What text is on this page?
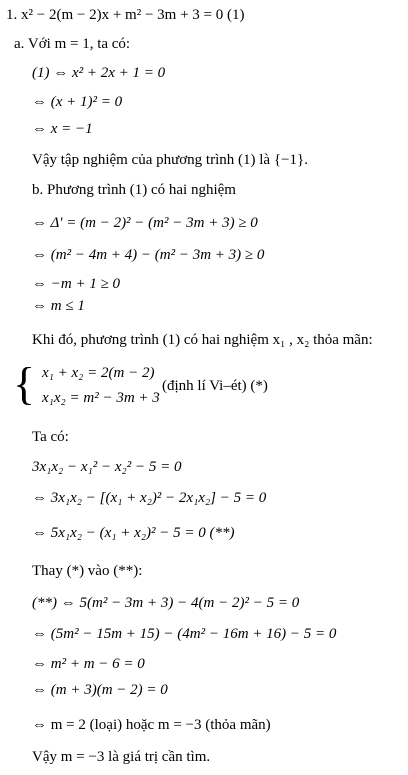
1. x² − 2(m − 2)x + m² − 3m + 3 = 0 (1)
a. Với m = 1, ta có:
(1) ⇔ x² + 2x + 1 = 0
⇔ (x + 1)² = 0
⇔ x = −1
Vậy tập nghiệm của phương trình (1) là {−1}.
b. Phương trình (1) có hai nghiệm
⇔ Δ' = (m − 2)² − (m² − 3m + 3) ≥ 0
⇔ (m² − 4m + 4) − (m² − 3m + 3) ≥ 0
⇔ −m + 1 ≥ 0
⇔ m ≤ 1
Khi đó, phương trình (1) có hai nghiệm x₁ , x₂ thỏa mãn:
{ x₁ + x₂ = 2(m − 2)
x₁x₂ = m² − 3m + 3
(định lí Vi–ét) (*)
Ta có:
3x₁x₂ − x₁² − x₂² − 5 = 0
⇔ 3x₁x₂ − [(x₁ + x₂)² − 2x₁x₂] − 5 = 0
⇔ 5x₁x₂ − (x₁ + x₂)² − 5 = 0 (**)
Thay (*) vào (**):
(**) ⇔ 5(m² − 3m + 3) − 4(m − 2)² − 5 = 0
⇔ (5m² − 15m + 15) − (4m² − 16m + 16) − 5 = 0
⇔ m² + m − 6 = 0
⇔ (m + 3)(m − 2) = 0
⇔ m = 2 (loại) hoặc m = −3 (thỏa mãn)
Vậy m = −3 là giá trị cần tìm.
